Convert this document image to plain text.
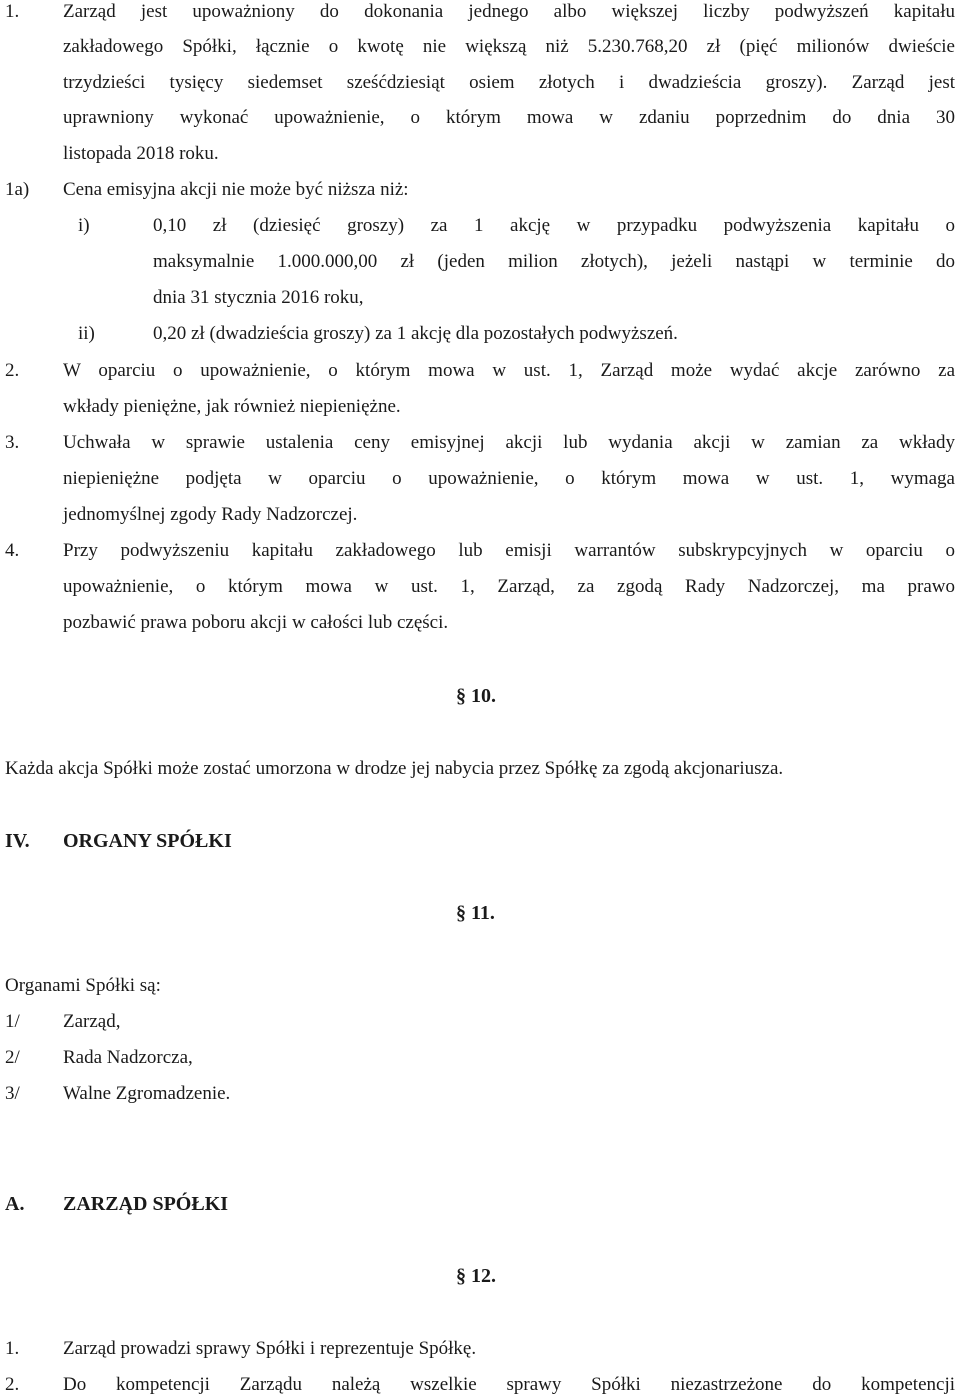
1. Zarząd jest upoważniony do dokonania jednego albo większej liczby podwyższeń kapitału
zakładowego Spółki, łącznie o kwotę nie większą niż 5.230.768,20 zł (pięć milionów dwieście
trzydzieści tysięcy siedemset sześćdziesiąt osiem złotych i dwadzieścia groszy). Zarząd jest
uprawniony wykonać upoważnienie, o którym mowa w zdaniu poprzednim do dnia 30
listopada 2018 roku.
1a) Cena emisyjna akcji nie może być niższa niż:
i)	0,10 zł (dziesięć groszy) za 1 akcję w przypadku podwyższenia kapitału o
maksymalnie 1.000.000,00 zł (jeden milion złotych), jeżeli nastąpi w terminie do
dnia 31 stycznia 2016 roku,
ii)	0,20 zł (dwadzieścia groszy) za 1 akcję dla pozostałych podwyższeń.
2. W oparciu o upoważnienie, o którym mowa w ust. 1, Zarząd może wydać akcje zarówno za
wkłady pieniężne, jak również niepieniężne.
3. Uchwała w sprawie ustalenia ceny emisyjnej akcji lub wydania akcji w zamian za wkłady
niepieniężne podjęta w oparciu o upoważnienie, o którym mowa w ust. 1, wymaga
jednomyślnej zgody Rady Nadzorczej.
4. Przy podwyższeniu kapitału zakładowego lub emisji warrantów subskrypcyjnych w oparciu o
upoważnienie, o którym mowa w ust. 1, Zarząd, za zgodą Rady Nadzorczej, ma prawo
pozbawić prawa poboru akcji w całości lub części.
§ 10.
Każda akcja Spółki może zostać umorzona w drodze jej nabycia przez Spółkę za zgodą akcjonariusza.
IV. ORGANY SPÓŁKI
§ 11.
Organami Spółki są:
1/ Zarząd,
2/ Rada Nadzorcza,
3/ Walne Zgromadzenie.
A. ZARZĄD SPÓŁKI
§ 12.
1. Zarząd prowadzi sprawy Spółki i reprezentuje Spółkę.
2. Do kompetencji Zarządu należą wszelkie sprawy Spółki niezastrzeżone do kompetencji
